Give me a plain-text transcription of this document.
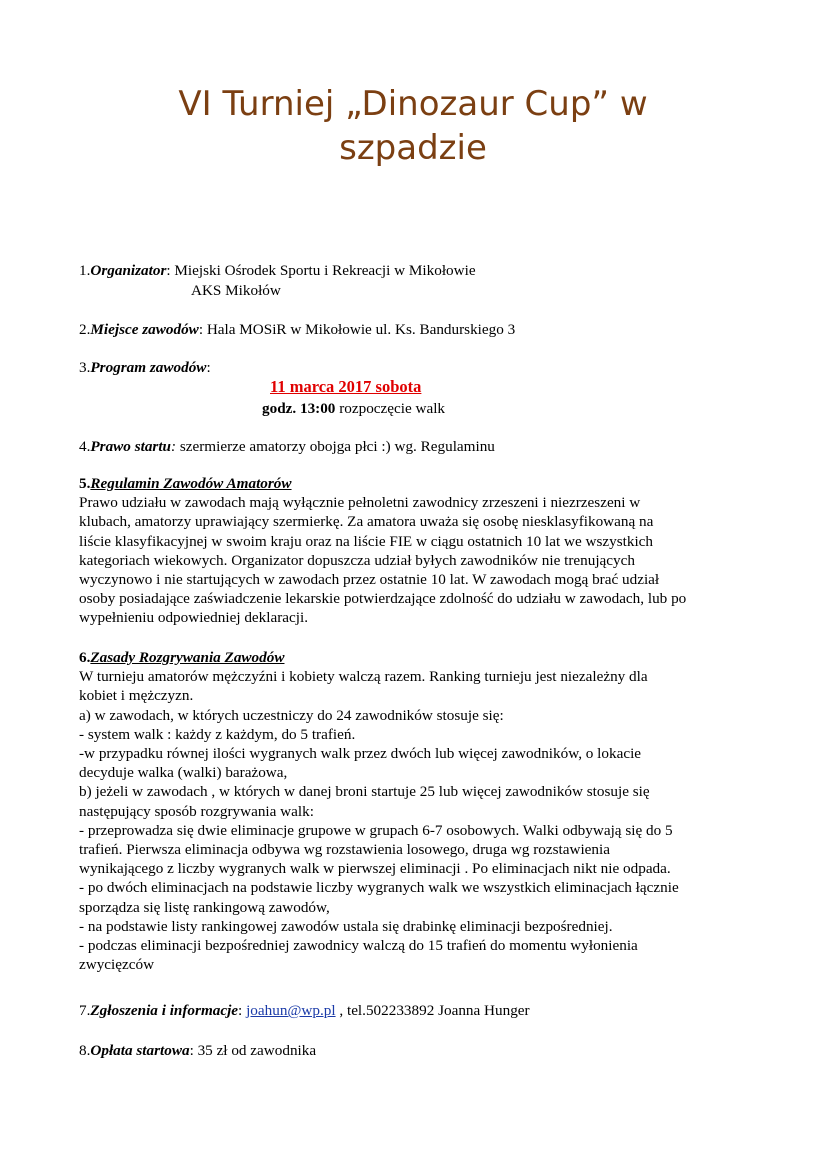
VI Turniej „Dinozaur Cup” w
szpadzie
1.Organizator: Miejski Ośrodek Sportu i Rekreacji w Mikołowie
AKS Mikołów
2.Miejsce zawodów: Hala MOSiR w Mikołowie ul. Ks. Bandurskiego 3
3.Program zawodów:
11 marca 2017 sobota
godz. 13:00 rozpoczęcie walk
4.Prawo startu: szermierze amatorzy obojga płci :) wg. Regulaminu

5.Regulamin Zawodów Amatorów

Prawo udziału w zawodach mają wyłącznie pełnoletni zawodnicy zrzeszeni i niezrzeszeni w

klubach, amatorzy uprawiający szermierkę. Za amatora uważa się osobę niesklasyfikowaną na

liście klasyfikacyjnej w swoim kraju oraz na liście FIE w ciągu ostatnich 10 lat we wszystkich

kategoriach wiekowych. Organizator dopuszcza udział byłych zawodników nie trenujących

wyczynowo i nie startujących w zawodach przez ostatnie 10 lat. W zawodach mogą brać udział

osoby posiadające zaświadczenie lekarskie potwierdzające zdolność do udziału w zawodach, lub po

wypełnieniu odpowiedniej deklaracji.

6.Zasady Rozgrywania Zawodów

W turnieju amatorów mężczyźni i kobiety walczą razem. Ranking turnieju jest niezależny dla

kobiet i mężczyzn.

a) w zawodach, w których uczestniczy do 24 zawodników stosuje się:

- system walk : każdy z każdym, do 5 trafień.

-w przypadku równej ilości wygranych walk przez dwóch lub więcej zawodników, o lokacie

decyduje walka (walki) barażowa,

b) jeżeli w zawodach , w których w danej broni startuje 25 lub więcej zawodników stosuje się

następujący sposób rozgrywania walk:

- przeprowadza się dwie eliminacje grupowe w grupach 6-7 osobowych. Walki odbywają się do 5

trafień. Pierwsza eliminacja odbywa wg rozstawienia losowego, druga wg rozstawienia

wynikającego z liczby wygranych walk w pierwszej eliminacji . Po eliminacjach nikt nie odpada.

- po dwóch eliminacjach na podstawie liczby wygranych walk we wszystkich eliminacjach łącznie

sporządza się listę rankingową zawodów,

- na podstawie listy rankingowej zawodów ustala się drabinkę eliminacji bezpośredniej.

- podczas eliminacji bezpośredniej zawodnicy walczą do 15 trafień do momentu wyłonienia

zwycięzców

7.Zgłoszenia i informacje: joahun@wp.pl , tel.502233892 Joanna Hunger
8.Opłata startowa: 35 zł od zawodnika
